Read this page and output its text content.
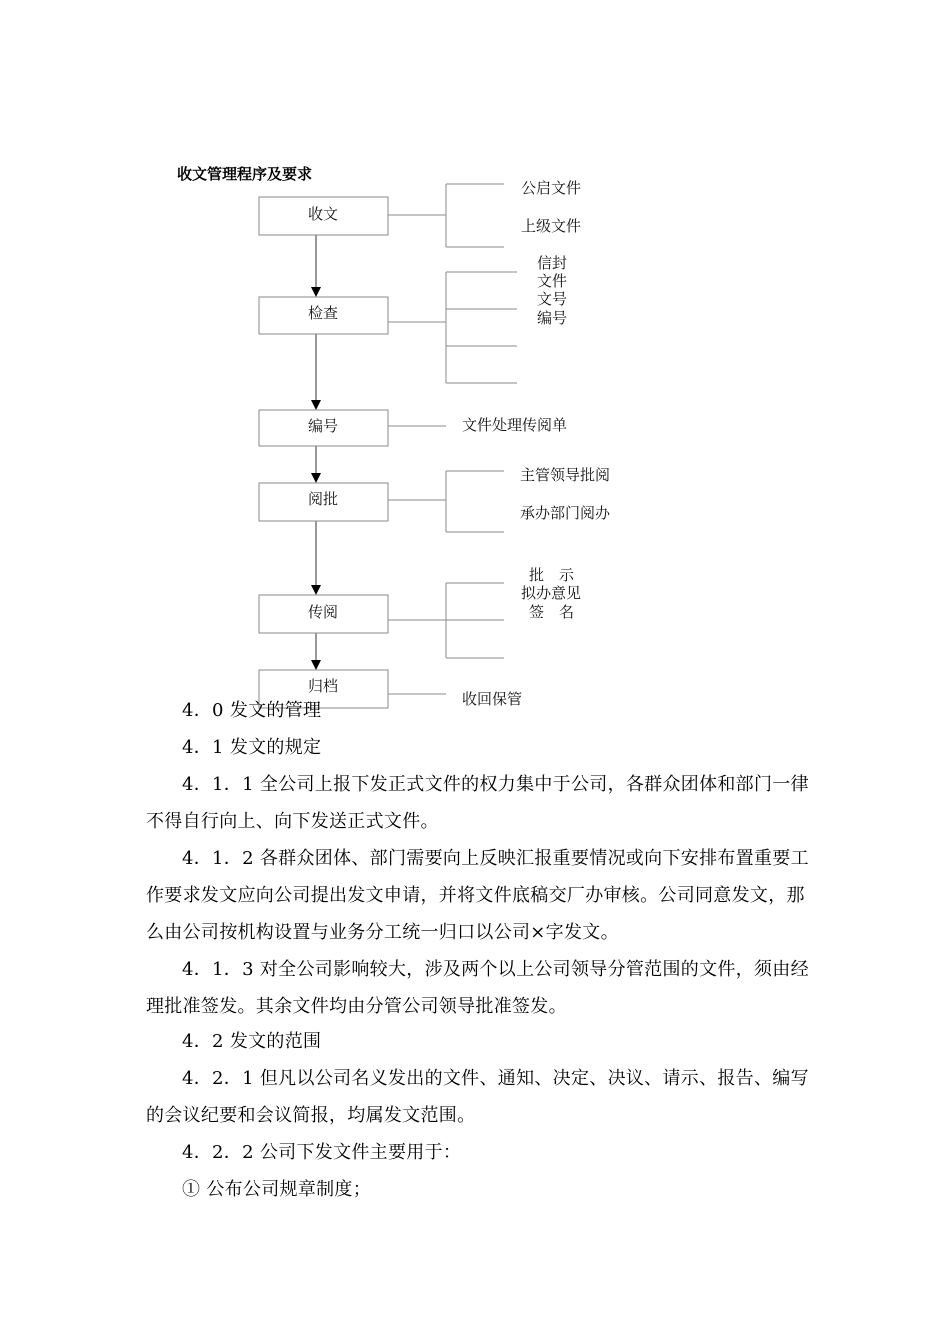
收文管理程序及要求
收文
检查
编号
阅批
传阅
归档
公启文件
上级文件
信封
文件
文号
编号
文件处理传阅单
主管领导批阅
承办部门阅办
批　示
拟办意见
签　名
收回保管

4．0 发文的管理

4．1 发文的规定

4．1．1 全公司上报下发正式文件的权力集中于公司，各群众团体和部门一律不得自行向上、向下发送正式文件。

4．1．2 各群众团体、部门需要向上反映汇报重要情况或向下安排布置重要工作要求发文应向公司提出发文申请，并将文件底稿交厂办审核。公司同意发文，那么由公司按机构设置与业务分工统一归口以公司×字发文。

4．1．3 对全公司影响较大，涉及两个以上公司领导分管范围的文件，须由经理批准签发。其余文件均由分管公司领导批准签发。

4．2 发文的范围

4．2．1 但凡以公司名义发出的文件、通知、决定、决议、请示、报告、编写的会议纪要和会议简报，均属发文范围。

4．2．2 公司下发文件主要用于：

① 公布公司规章制度；
